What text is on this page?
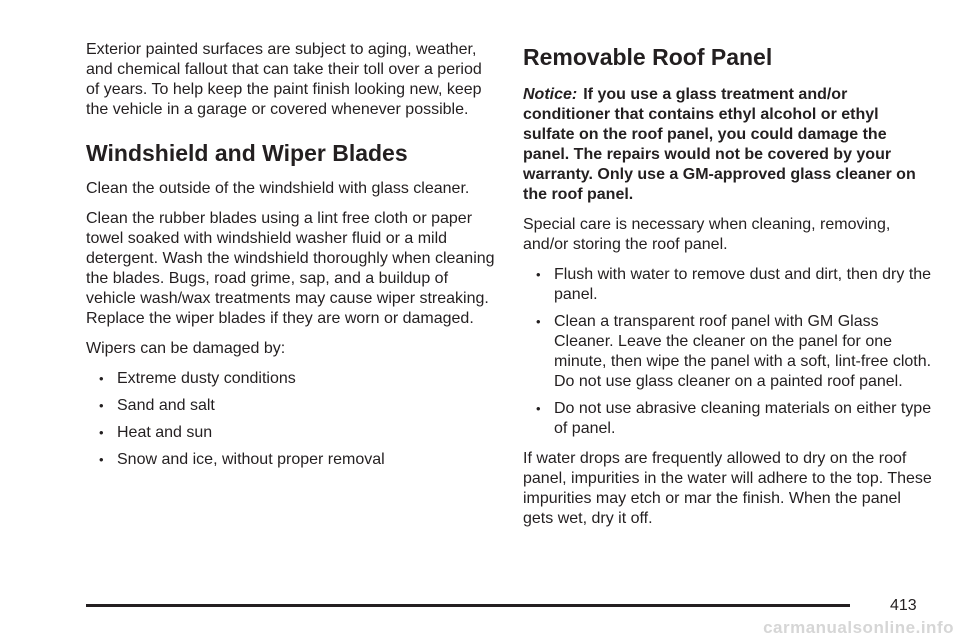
Exterior painted surfaces are subject to aging, weather, and chemical fallout that can take their toll over a period of years. To help keep the paint finish looking new, keep the vehicle in a garage or covered whenever possible.

Windshield and Wiper Blades

Clean the outside of the windshield with glass cleaner.

Clean the rubber blades using a lint free cloth or paper towel soaked with windshield washer fluid or a mild detergent. Wash the windshield thoroughly when cleaning the blades. Bugs, road grime, sap, and a buildup of vehicle wash/wax treatments may cause wiper streaking. Replace the wiper blades if they are worn or damaged.

Wipers can be damaged by:

• Extreme dusty conditions
• Sand and salt
• Heat and sun
• Snow and ice, without proper removal
Removable Roof Panel

Notice: If you use a glass treatment and/or conditioner that contains ethyl alcohol or ethyl sulfate on the roof panel, you could damage the panel. The repairs would not be covered by your warranty. Only use a GM-approved glass cleaner on the roof panel.

Special care is necessary when cleaning, removing, and/or storing the roof panel.

• Flush with water to remove dust and dirt, then dry the panel.
• Clean a transparent roof panel with GM Glass Cleaner. Leave the cleaner on the panel for one minute, then wipe the panel with a soft, lint-free cloth. Do not use glass cleaner on a painted roof panel.
• Do not use abrasive cleaning materials on either type of panel.

If water drops are frequently allowed to dry on the roof panel, impurities in the water will adhere to the top. These impurities may etch or mar the finish. When the panel gets wet, dry it off.

413
carmanualsonline.info
